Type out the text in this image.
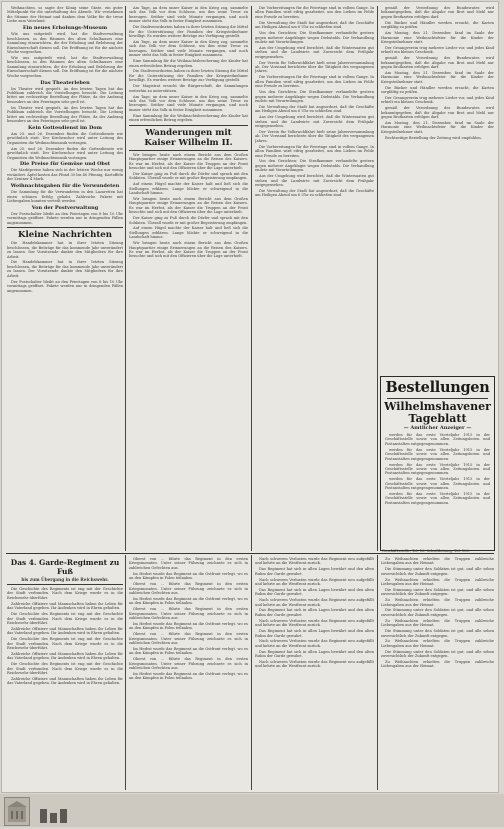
Weihnachten, so sagte der König seine Gäste, ein guter Mittelpunkt für die unterhaltung des Abends. Wir vernehmen die Stimme der Heimat und danken dem Volke für die treue Liebe zum Vaterland.

Ein neues Erholungs-Museum

Wie uns mitgeteilt wird, hat die Stadtverwaltung beschlossen, in den Räumen des alten Schulhauses eine Sammlung einzurichten, die der Erholung und Belehrung der Einwohnerschaft dienen soll. Die Eröffnung ist für die nächste Woche vorgesehen.

Wie uns mitgeteilt wird, hat die Stadtverwaltung beschlossen, in den Räumen des alten Schulhauses eine Sammlung einzurichten, die der Erholung und Belehrung der Einwohnerschaft dienen soll. Die Eröffnung ist für die nächste Woche vorgesehen.

Das Theaterleben

Im Theater wird gespielt. An den letzten Tagen hat das Publikum zahlreich die Vorstellungen besucht. Die Leitung bittet um rechtzeitige Bestellung der Plätze, da der Andrang besonders an den Feiertagen sehr groß ist.

Im Theater wird gespielt. An den letzten Tagen hat das Publikum zahlreich die Vorstellungen besucht. Die Leitung bittet um rechtzeitige Bestellung der Plätze, da der Andrang besonders an den Feiertagen sehr groß ist.

Kein Gottesdienst im Dom

Am 25. und 26. Dezember finden die Gottesdienste wie gewöhnlich statt. Der Kirchenchor wird unter Leitung des Organisten die Weihnachtsmusik vortragen.

Am 25. und 26. Dezember finden die Gottesdienste wie gewöhnlich statt. Der Kirchenchor wird unter Leitung des Organisten die Weihnachtsmusik vortragen.

Die Preise für Gemüse und Obst

Die Marktpreise haben sich in der letzten Woche nur wenig verändert. Äpfel kosten das Pfund 30 bis 40 Pfennig, Kartoffeln der Zentner 4 Mark.

Weihnachtsgaben für die Verwundeten

Die Sammlung für die Verwundeten in den Lazaretten hat einen schönen Erfolg gehabt. Zahlreiche Pakete mit Liebesgaben konnten verteilt werden.

Von der Postverwaltung

Der Postschalter bleibt an den Feiertagen von 8 bis 10 Uhr vormittags geöffnet. Pakete werden nur in dringenden Fällen angenommen.

Kleine Nachrichten

Die Handelskammer hat in ihrer letzten Sitzung beschlossen, die Beiträge für das kommende Jahr unverändert zu lassen. Der Vorsitzende dankte den Mitgliedern für ihre Arbeit.

Die Handelskammer hat in ihrer letzten Sitzung beschlossen, die Beiträge für das kommende Jahr unverändert zu lassen. Der Vorsitzende dankte den Mitgliedern für ihre Arbeit.

Der Postschalter bleibt an den Feiertagen von 8 bis 10 Uhr vormittags geöffnet. Pakete werden nur in dringenden Fällen angenommen.

Am Tage, an dem unser Kaiser in den Krieg zog, sammelte sich das Volk vor dem Schlosse, um ihm seine Treue zu bezeugen. Seither sind viele Monate vergangen, und noch immer steht das Volk in fester Einigkeit zusammen.

Die Stadtverordneten haben in ihrer letzten Sitzung die Mittel für die Unterstützung der Familien der Kriegsteilnehmer bewilligt. Es wurden weitere Beträge zur Verfügung gestellt.

Am Tage, an dem unser Kaiser in den Krieg zog, sammelte sich das Volk vor dem Schlosse, um ihm seine Treue zu bezeugen. Seither sind viele Monate vergangen, und noch immer steht das Volk in fester Einigkeit zusammen.

Eine Sammlung für die Weihnachtsbescherung der Kinder hat einen erfreulichen Betrag ergeben.

Die Stadtverordneten haben in ihrer letzten Sitzung die Mittel für die Unterstützung der Familien der Kriegsteilnehmer bewilligt. Es wurden weitere Beträge zur Verfügung gestellt.

Der Magistrat ersucht die Bürgerschaft, die Sammlungen weiterhin zu unterstützen.

Am Tage, an dem unser Kaiser in den Krieg zog, sammelte sich das Volk vor dem Schlosse, um ihm seine Treue zu bezeugen. Seither sind viele Monate vergangen, und noch immer steht das Volk in fester Einigkeit zusammen.

Eine Sammlung für die Weihnachtsbescherung der Kinder hat einen erfreulichen Betrag ergeben.

Wanderungen mit Kaiser Wilhelm II.

Wir bringen heute nach einem Bericht aus dem Großen Hauptquartier einige Erinnerungen an die Reisen des Kaisers. Es war im Herbst, als der Kaiser die Truppen an der Front besuchte und sich mit den Offizieren über die Lage unterhielt.

Der Kaiser ging zu Fuß durch die Dörfer und sprach mit den Soldaten. Überall wurde er mit großer Begeisterung empfangen.

Auf einem Hügel machte der Kaiser halt und ließ sich die Stellungen erklären. Lange blickte er schweigend in die Landschaft hinaus.

Wir bringen heute nach einem Bericht aus dem Großen Hauptquartier einige Erinnerungen an die Reisen des Kaisers. Es war im Herbst, als der Kaiser die Truppen an der Front besuchte und sich mit den Offizieren über die Lage unterhielt.

Der Kaiser ging zu Fuß durch die Dörfer und sprach mit den Soldaten. Überall wurde er mit großer Begeisterung empfangen.

Auf einem Hügel machte der Kaiser halt und ließ sich die Stellungen erklären. Lange blickte er schweigend in die Landschaft hinaus.

Wir bringen heute nach einem Bericht aus dem Großen Hauptquartier einige Erinnerungen an die Reisen des Kaisers. Es war im Herbst, als der Kaiser die Truppen an der Front besuchte und sich mit den Offizieren über die Lage unterhielt.

Die Vorbereitungen für die Feiertage sind in vollem Gange. In allen Familien wird eifrig gearbeitet, um den Lieben im Felde eine Freude zu bereiten.

Die Verwaltung der Stadt hat angeordnet, daß die Geschäfte am Heiligen Abend um 6 Uhr zu schließen sind.

Von den Gerichten: Die Strafkammer verhandelte gestern gegen mehrere Angeklagte wegen Diebstahls. Die Verhandlung endete mit Verurteilungen.

Aus der Umgebung wird berichtet, daß die Wintersaaten gut stehen und die Landwirte mit Zuversicht dem Frühjahr entgegensehen.

Der Verein für Volkswohlfahrt hielt seine Jahresversammlung ab. Der Vorstand berichtete über die Tätigkeit des vergangenen Jahres.

Die Vorbereitungen für die Feiertage sind in vollem Gange. In allen Familien wird eifrig gearbeitet, um den Lieben im Felde eine Freude zu bereiten.

Von den Gerichten: Die Strafkammer verhandelte gestern gegen mehrere Angeklagte wegen Diebstahls. Die Verhandlung endete mit Verurteilungen.

Die Verwaltung der Stadt hat angeordnet, daß die Geschäfte am Heiligen Abend um 6 Uhr zu schließen sind.

Aus der Umgebung wird berichtet, daß die Wintersaaten gut stehen und die Landwirte mit Zuversicht dem Frühjahr entgegensehen.

Der Verein für Volkswohlfahrt hielt seine Jahresversammlung ab. Der Vorstand berichtete über die Tätigkeit des vergangenen Jahres.

Die Vorbereitungen für die Feiertage sind in vollem Gange. In allen Familien wird eifrig gearbeitet, um den Lieben im Felde eine Freude zu bereiten.

Von den Gerichten: Die Strafkammer verhandelte gestern gegen mehrere Angeklagte wegen Diebstahls. Die Verhandlung endete mit Verurteilungen.

Aus der Umgebung wird berichtet, daß die Wintersaaten gut stehen und die Landwirte mit Zuversicht dem Frühjahr entgegensehen.

Die Verwaltung der Stadt hat angeordnet, daß die Geschäfte am Heiligen Abend um 6 Uhr zu schließen sind.

gemäß der Verordnung des Bundesrates wird bekanntgegeben, daß die Abgabe von Brot und Mehl nur gegen Brotkarten erfolgen darf.

Die Bäcker und Händler werden ersucht, die Karten sorgfältig zu prüfen.

Am Montag, den 21. Dezember, fand im Saale der Harmonie eine Weihnachtsfeier für die Kinder der Kriegsteilnehmer statt.

Der Gesangverein trug mehrere Lieder vor, und jedes Kind erhielt ein kleines Geschenk.

gemäß der Verordnung des Bundesrates wird bekanntgegeben, daß die Abgabe von Brot und Mehl nur gegen Brotkarten erfolgen darf.

Am Montag, den 21. Dezember, fand im Saale der Harmonie eine Weihnachtsfeier für die Kinder der Kriegsteilnehmer statt.

Die Bäcker und Händler werden ersucht, die Karten sorgfältig zu prüfen.

Der Gesangverein trug mehrere Lieder vor, und jedes Kind erhielt ein kleines Geschenk.

gemäß der Verordnung des Bundesrates wird bekanntgegeben, daß die Abgabe von Brot und Mehl nur gegen Brotkarten erfolgen darf.

Am Montag, den 21. Dezember, fand im Saale der Harmonie eine Weihnachtsfeier für die Kinder der Kriegsteilnehmer statt.

Rechtzeitige Bestellung der Zeitung wird empfohlen.

Bestellungen
Wilhelmshavener Tageblatt
— Amtlicher Anzeiger —

werden für das erste Vierteljahr 1915 in der Geschäftsstelle sowie von allen Zeitungsboten und Postanstalten entgegengenommen.

werden für das erste Vierteljahr 1915 in der Geschäftsstelle sowie von allen Zeitungsboten und Postanstalten entgegengenommen.

werden für das erste Vierteljahr 1915 in der Geschäftsstelle sowie von allen Zeitungsboten und Postanstalten entgegengenommen.

werden für das erste Vierteljahr 1915 in der Geschäftsstelle sowie von allen Zeitungsboten und Postanstalten entgegengenommen.

werden für das erste Vierteljahr 1915 in der Geschäftsstelle sowie von allen Zeitungsboten und Postanstalten entgegengenommen.

Geschäftsstelle: Tel. 16. Schriftleitung: Tel. 130.
Das 4. Garde-Regiment zu Fuß
bis zum Übergang in die Reichswehr.

Die Geschichte des Regiments ist eng mit der Geschichte der Stadt verbunden. Nach dem Kriege wurde es in die Reichswehr überführt.

Zahlreiche Offiziere und Mannschaften haben ihr Leben für das Vaterland gegeben. Ihr Andenken wird in Ehren gehalten.

Die Geschichte des Regiments ist eng mit der Geschichte der Stadt verbunden. Nach dem Kriege wurde es in die Reichswehr überführt.

Zahlreiche Offiziere und Mannschaften haben ihr Leben für das Vaterland gegeben. Ihr Andenken wird in Ehren gehalten.

Die Geschichte des Regiments ist eng mit der Geschichte der Stadt verbunden. Nach dem Kriege wurde es in die Reichswehr überführt.

Zahlreiche Offiziere und Mannschaften haben ihr Leben für das Vaterland gegeben. Ihr Andenken wird in Ehren gehalten.

Die Geschichte des Regiments ist eng mit der Geschichte der Stadt verbunden. Nach dem Kriege wurde es in die Reichswehr überführt.

Zahlreiche Offiziere und Mannschaften haben ihr Leben für das Vaterland gegeben. Ihr Andenken wird in Ehren gehalten.

Oberst von ... führte das Regiment in den ersten Kriegsmonaten. Unter seiner Führung zeichnete es sich in zahlreichen Gefechten aus.

Im Herbst wurde das Regiment an die Ostfront verlegt, wo es an den Kämpfen in Polen teilnahm.

Oberst von ... führte das Regiment in den ersten Kriegsmonaten. Unter seiner Führung zeichnete es sich in zahlreichen Gefechten aus.

Im Herbst wurde das Regiment an die Ostfront verlegt, wo es an den Kämpfen in Polen teilnahm.

Oberst von ... führte das Regiment in den ersten Kriegsmonaten. Unter seiner Führung zeichnete es sich in zahlreichen Gefechten aus.

Im Herbst wurde das Regiment an die Ostfront verlegt, wo es an den Kämpfen in Polen teilnahm.

Oberst von ... führte das Regiment in den ersten Kriegsmonaten. Unter seiner Führung zeichnete es sich in zahlreichen Gefechten aus.

Im Herbst wurde das Regiment an die Ostfront verlegt, wo es an den Kämpfen in Polen teilnahm.

Oberst von ... führte das Regiment in den ersten Kriegsmonaten. Unter seiner Führung zeichnete es sich in zahlreichen Gefechten aus.

Im Herbst wurde das Regiment an die Ostfront verlegt, wo es an den Kämpfen in Polen teilnahm.

Nach schweren Verlusten wurde das Regiment neu aufgefüllt und kehrte an die Westfront zurück.

Das Regiment hat sich in allen Lagen bewährt und den alten Ruhm der Garde gewahrt.

Nach schweren Verlusten wurde das Regiment neu aufgefüllt und kehrte an die Westfront zurück.

Das Regiment hat sich in allen Lagen bewährt und den alten Ruhm der Garde gewahrt.

Nach schweren Verlusten wurde das Regiment neu aufgefüllt und kehrte an die Westfront zurück.

Das Regiment hat sich in allen Lagen bewährt und den alten Ruhm der Garde gewahrt.

Nach schweren Verlusten wurde das Regiment neu aufgefüllt und kehrte an die Westfront zurück.

Das Regiment hat sich in allen Lagen bewährt und den alten Ruhm der Garde gewahrt.

Nach schweren Verlusten wurde das Regiment neu aufgefüllt und kehrte an die Westfront zurück.

Das Regiment hat sich in allen Lagen bewährt und den alten Ruhm der Garde gewahrt.

Nach schweren Verlusten wurde das Regiment neu aufgefüllt und kehrte an die Westfront zurück.

Zu Weihnachten erhielten die Truppen zahlreiche Liebesgaben aus der Heimat.

Die Stimmung unter den Soldaten ist gut, und alle sehen zuversichtlich der Zukunft entgegen.

Zu Weihnachten erhielten die Truppen zahlreiche Liebesgaben aus der Heimat.

Die Stimmung unter den Soldaten ist gut, und alle sehen zuversichtlich der Zukunft entgegen.

Zu Weihnachten erhielten die Truppen zahlreiche Liebesgaben aus der Heimat.

Die Stimmung unter den Soldaten ist gut, und alle sehen zuversichtlich der Zukunft entgegen.

Zu Weihnachten erhielten die Truppen zahlreiche Liebesgaben aus der Heimat.

Die Stimmung unter den Soldaten ist gut, und alle sehen zuversichtlich der Zukunft entgegen.

Zu Weihnachten erhielten die Truppen zahlreiche Liebesgaben aus der Heimat.

Die Stimmung unter den Soldaten ist gut, und alle sehen zuversichtlich der Zukunft entgegen.

Zu Weihnachten erhielten die Truppen zahlreiche Liebesgaben aus der Heimat.
